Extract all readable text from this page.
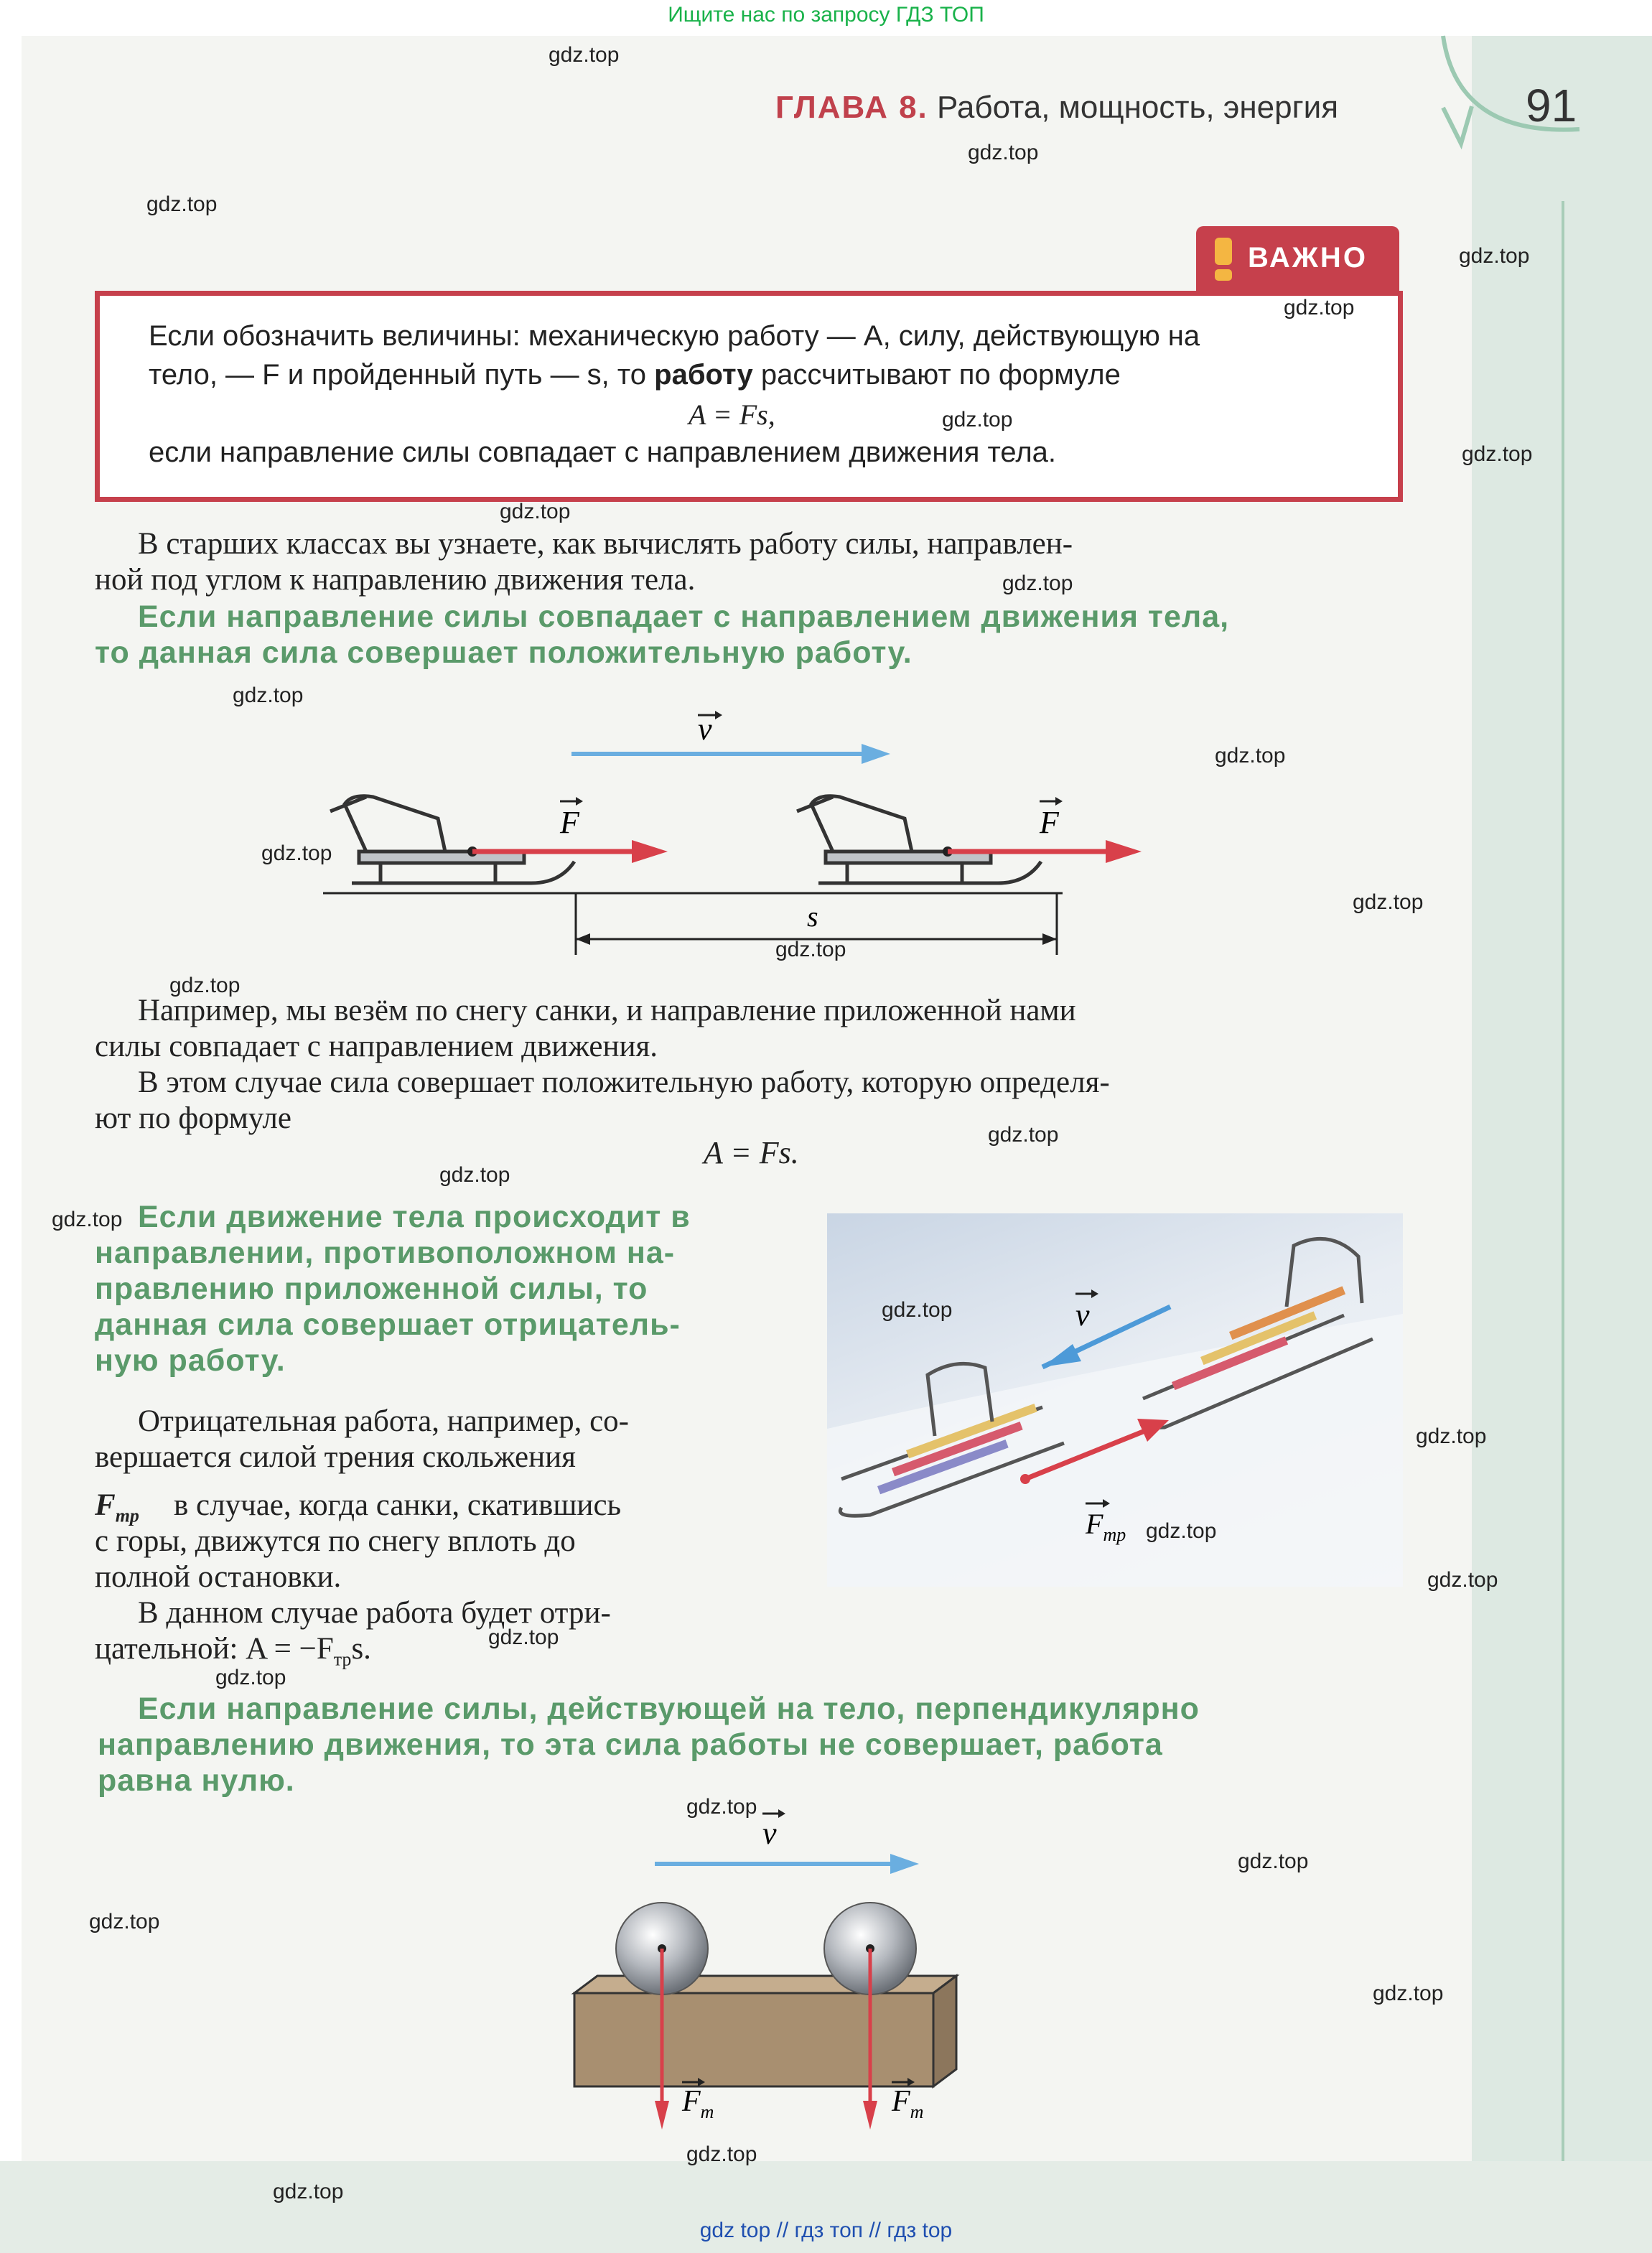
Ищите нас по запросу ГДЗ ТОП
ГЛАВА 8. Работа, мощность, энергия	91
ВАЖНО
Если обозначить величины: механическую работу — A, силу, действующую на
тело, — F и пройденный путь — s, то работу рассчитывают по формуле
A = Fs,
если направление силы совпадает с направлением движения тела.
В старших классах вы узнаете, как вычислять работу силы, направлен-
ной под углом к направлению движения тела.
Если направление силы совпадает с направлением движения тела,
то данная сила совершает положительную работу.
v
F	F
s
Например, мы везём по снегу санки, и направление приложенной нами
силы совпадает с направлением движения.
В этом случае сила совершает положительную работу, которую определя-
ют по формуле
A = Fs.
Если движение тела происходит в
направлении, противоположном на-
правлению приложенной силы, то
данная сила совершает отрицатель-
ную работу.
Отрицательная работа, например, со-
вершается силой трения скольжения
$F_{тр}$ в случае, когда санки, скатившись
с горы, движутся по снегу вплоть до
полной остановки.
В данном случае работа будет отри-
цательной: $A = -F_{тр}s$.
v
$F_{тр}$
Если направление силы, действующей на тело, перпендикулярно
направлению движения, то эта сила работы не совершает, работа
равна нулю.
v
$F_т$	$F_т$
gdz.top
gdz.top
gdz.top
gdz.top
gdz.top
gdz.top
gdz.top
gdz.top
gdz.top
gdz.top
gdz.top
gdz.top
gdz.top
gdz.top
gdz.top
gdz.top
gdz.top
gdz.top
gdz.top
gdz.top
gdz.top
gdz.top
gdz.top
gdz.top
gdz.top
gdz.top
gdz.top
gdz.top
gdz.top
gdz.top
gdz top // гдз топ // гдз top
